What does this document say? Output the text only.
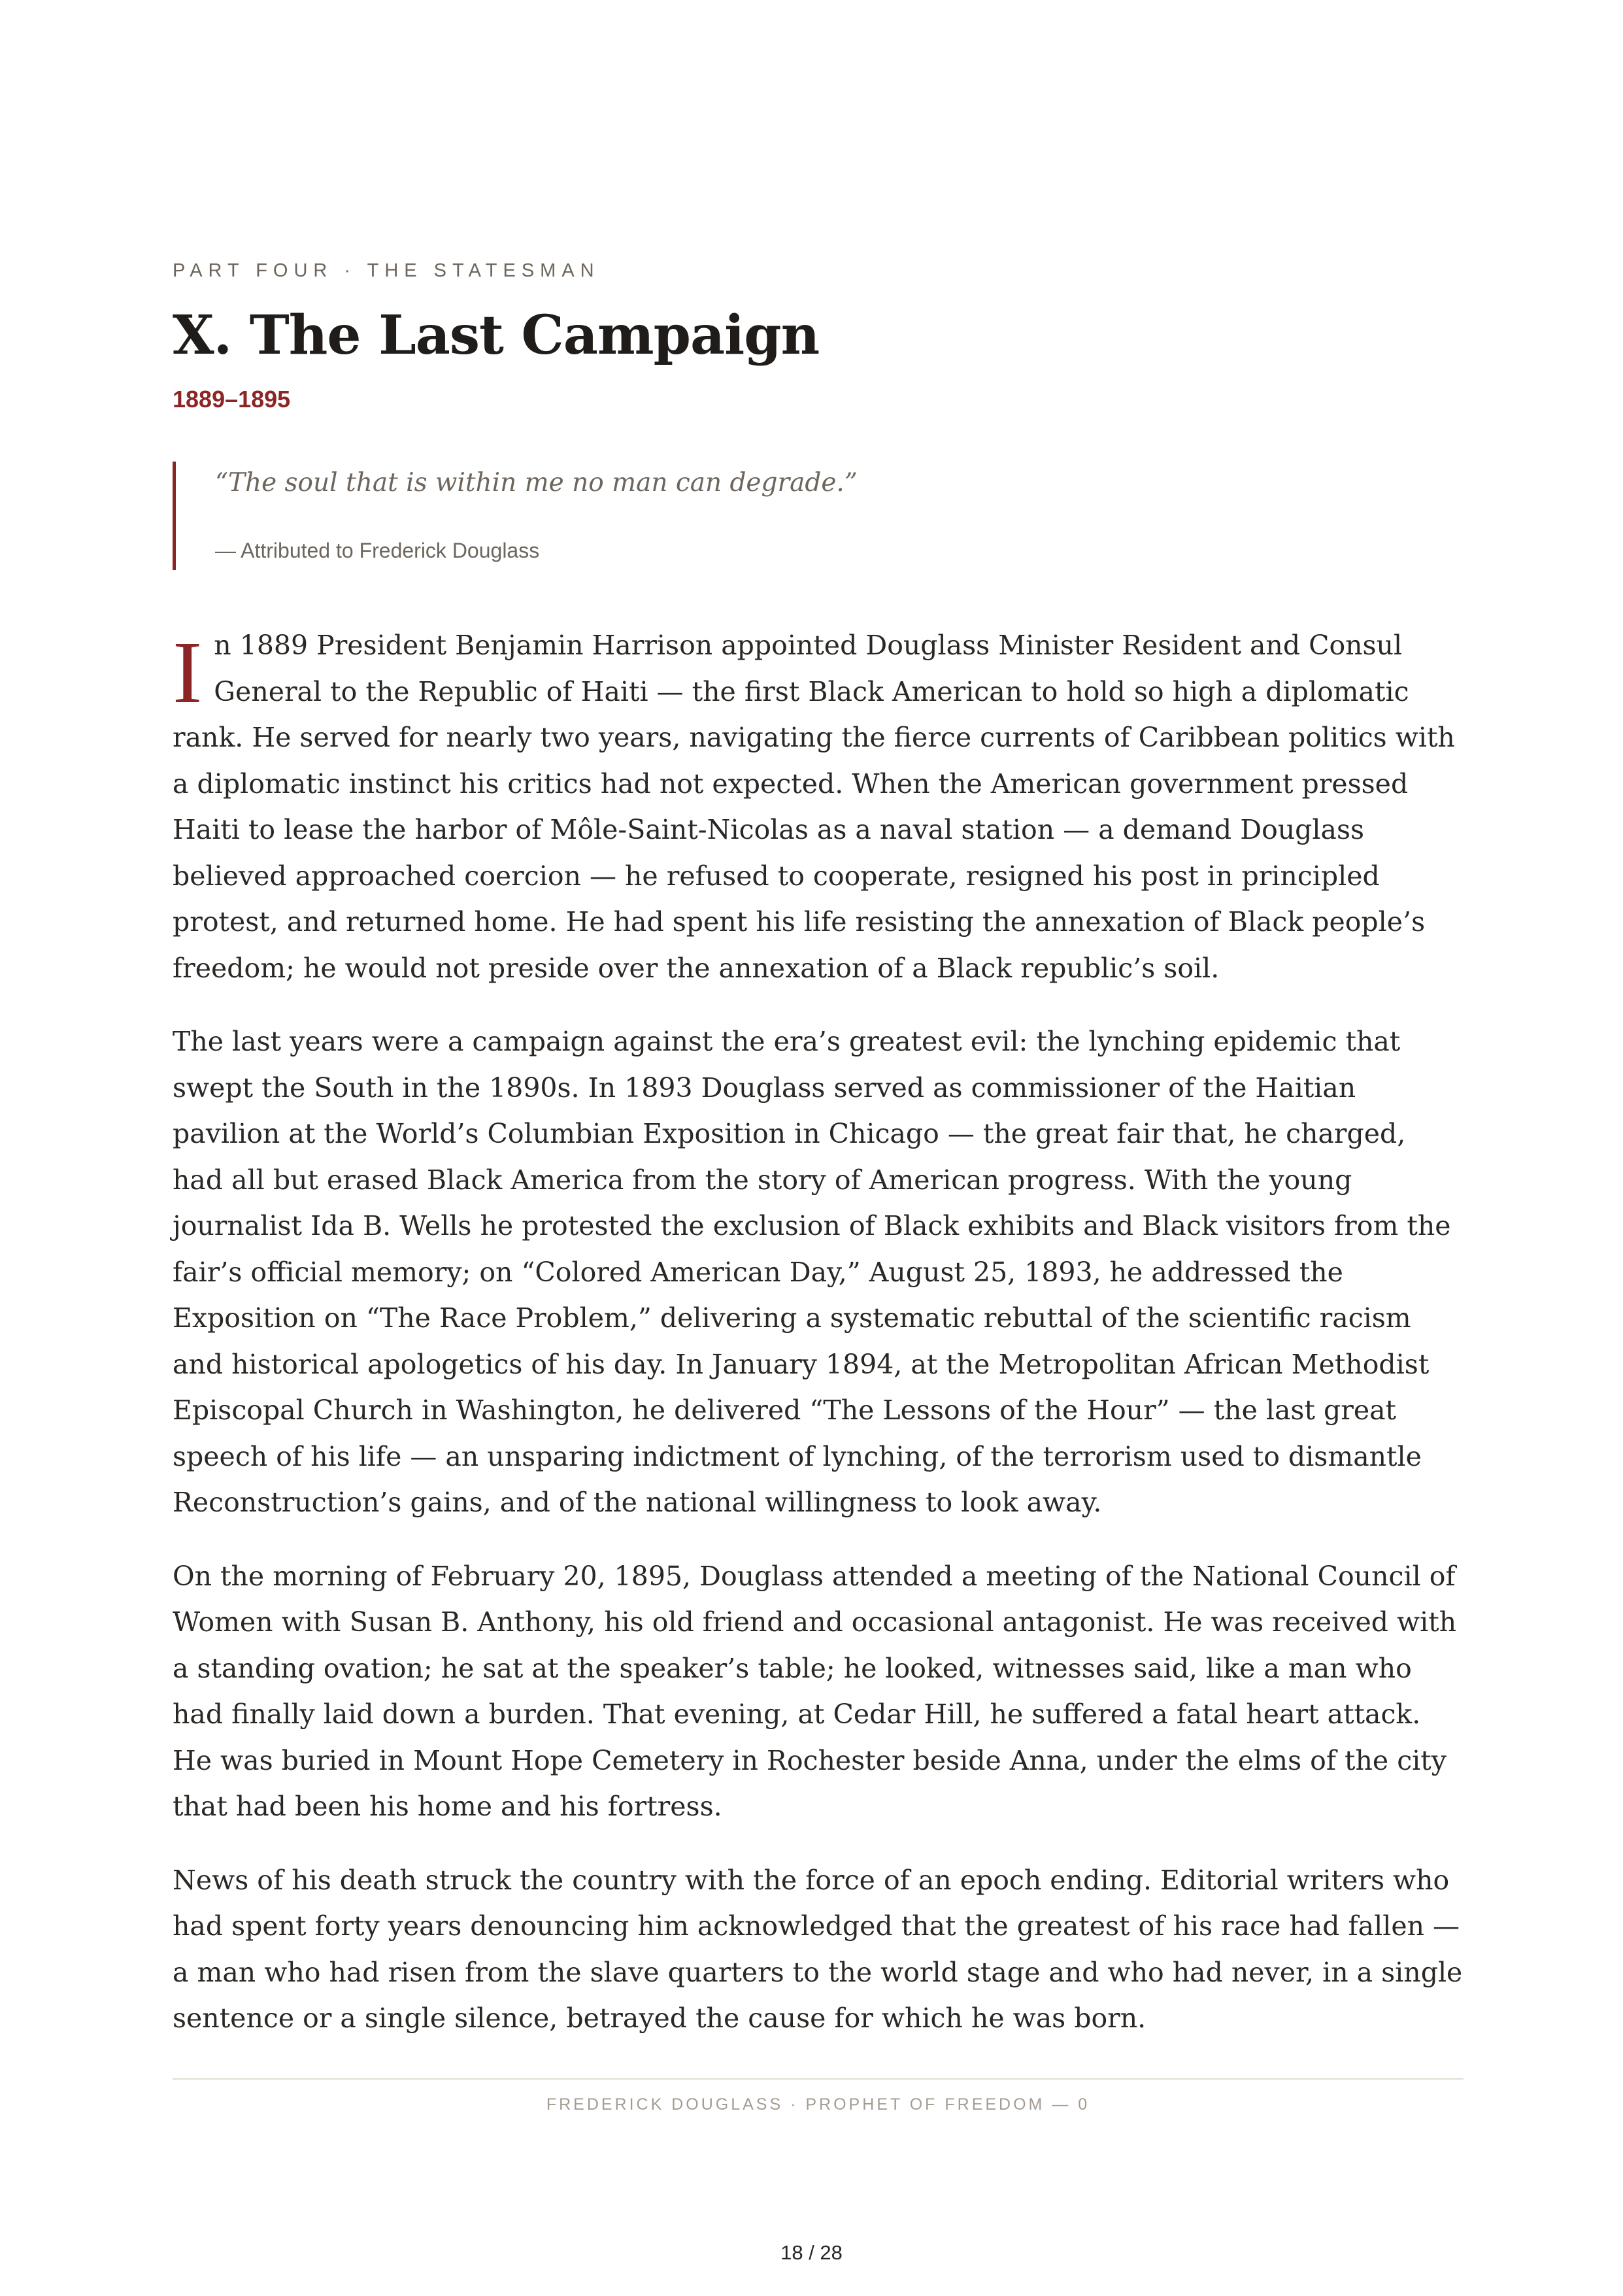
PART FOUR · THE STATESMAN
X. The Last Campaign
1889–1895
“The soul that is within me no man can degrade.”
— Attributed to Frederick Douglass

In 1889 President Benjamin Harrison appointed Douglass Minister Resident and Consul General to the Republic of Haiti — the first Black American to hold so high a diplomatic rank. He served for nearly two years, navigating the fierce currents of Caribbean politics with a diplomatic instinct his critics had not expected. When the American government pressed Haiti to lease the harbor of Môle-Saint-Nicolas as a naval station — a demand Douglass believed approached coercion — he refused to cooperate, resigned his post in principled protest, and returned home. He had spent his life resisting the annexation of Black people’s freedom; he would not preside over the annexation of a Black republic’s soil.

The last years were a campaign against the era’s greatest evil: the lynching epidemic that swept the South in the 1890s. In 1893 Douglass served as commissioner of the Haitian pavilion at the World’s Columbian Exposition in Chicago — the great fair that, he charged, had all but erased Black America from the story of American progress. With the young journalist Ida B. Wells he protested the exclusion of Black exhibits and Black visitors from the fair’s official memory; on “Colored American Day,” August 25, 1893, he addressed the Exposition on “The Race Problem,” delivering a systematic rebuttal of the scientific racism and historical apologetics of his day. In January 1894, at the Metropolitan African Methodist Episcopal Church in Washington, he delivered “The Lessons of the Hour” — the last great speech of his life — an unsparing indictment of lynching, of the terrorism used to dismantle Reconstruction’s gains, and of the national willingness to look away.

On the morning of February 20, 1895, Douglass attended a meeting of the National Council of Women with Susan B. Anthony, his old friend and occasional antagonist. He was received with a standing ovation; he sat at the speaker’s table; he looked, witnesses said, like a man who had finally laid down a burden. That evening, at Cedar Hill, he suffered a fatal heart attack. He was buried in Mount Hope Cemetery in Rochester beside Anna, under the elms of the city that had been his home and his fortress.

News of his death struck the country with the force of an epoch ending. Editorial writers who had spent forty years denouncing him acknowledged that the greatest of his race had fallen — a man who had risen from the slave quarters to the world stage and who had never, in a single sentence or a single silence, betrayed the cause for which he was born.

FREDERICK DOUGLASS · PROPHET OF FREEDOM — 0
18 / 28
